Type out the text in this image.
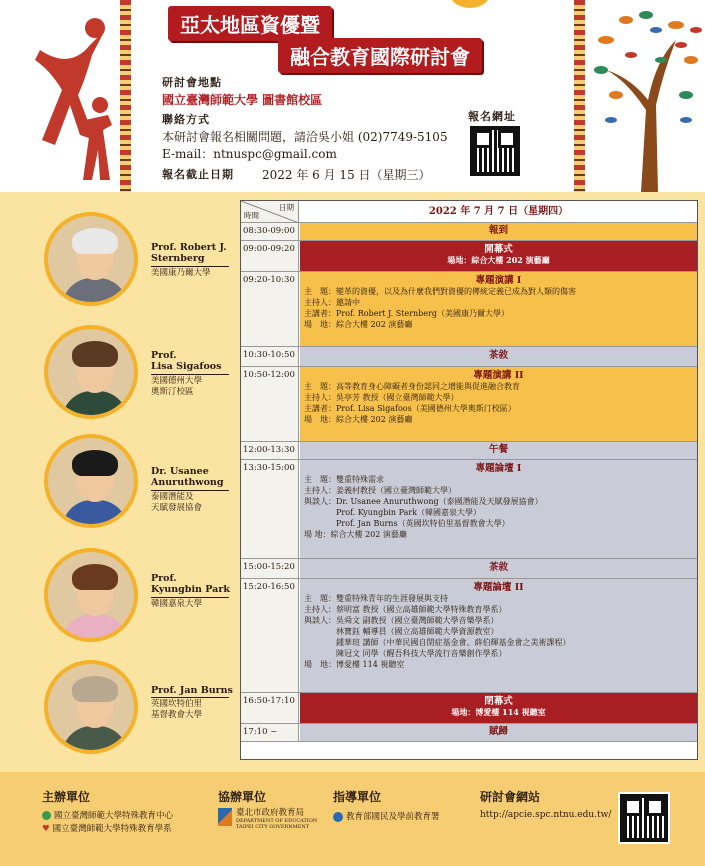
亞太地區資優暨
融合教育國際研討會
研討會地點
國立臺灣師範大學 圖書館校區
聯絡方式
本研討會報名相關問題，請洽吳小姐 (02)7749-5105
E-mail：ntnuspc@gmail.com
報名截止日期 2022 年 6 月 15 日（星期三）
報名網址
Prof. Robert J.
Sternberg
美國康乃爾大學
Prof.
Lisa Sigafoos
美國德州大學
奧斯汀校區
Dr. Usanee
Anuruthwong
泰國潛能及
天賦發展協會
Prof.
Kyungbin Park
韓國嘉泉大學
Prof. Jan Burns
英國坎特伯里
基督教會大學
日期
時間	2022 年 7 月 7 日（星期四）
08:30-09:00	報到
09:00-09:20	開幕式
場地：綜合大樓 202 演藝廳
09:20-10:30	專題演講 I
主　題：變革的資優，以及為什麼我們對資優的傳統定義已成為對人類的傷害
主持人：邀請中
主講者：Prof. Robert J. Sternberg（美國康乃爾大學）
場　地：綜合大樓 202 演藝廳
10:30-10:50	茶敘
10:50-12:00	專題演講 II
主　題：高等教育身心障礙者身份認同之增能與促進融合教育
主持人：吳亭芳 教授（國立臺灣師範大學）
主講者：Prof. Lisa Sigafoos（美國德州大學奧斯汀校區）
場　地：綜合大樓 202 演藝廳
12:00-13:30	午餐
13:30-15:00	專題論壇 I
主　題：雙重特殊需求
主持人：姜義村教授（國立臺灣師範大學）
與談人：Dr. Usanee Anuruthwong（泰國潛能及天賦發展協會）
　　　　Prof. Kyungbin Park（韓國嘉泉大學）
　　　　Prof. Jan Burns（英國坎特伯里基督教會大學）
場 地：綜合大樓 202 演藝廳
15:00-15:20	茶敘
15:20-16:50	專題論壇 II
主　題：雙重特殊青年的生涯發展與支持
主持人：蔡明富 教授（國立高雄師範大學特殊教育學系）
與談人：吳舜文 副教授（國立臺灣師範大學音樂學系）
　　　　林寶鈺 輔導員（國立高雄師範大學資源教室）
　　　　鍾華瑄 講師（中華民國自閉症基金會、薛伯輝基金會之美術課程）
　　　　陳冠文 同學（醒吾科技大學流行音樂創作學系）
場　地：博愛樓 114 視聽室
16:50-17:10	閉幕式
場地：博愛樓 114 視聽室
17:10 ~	賦歸
主辦單位
國立臺灣師範大學特殊教育中心
♥ 國立臺灣師範大學特殊教育學系
協辦單位
臺北市政府教育局
DEPARTMENT OF EDUCATION
TAIPEI CITY GOVERNMENT
指導單位
教育部國民及學前教育署
研討會網站
http://apcie.spc.ntnu.edu.tw/
